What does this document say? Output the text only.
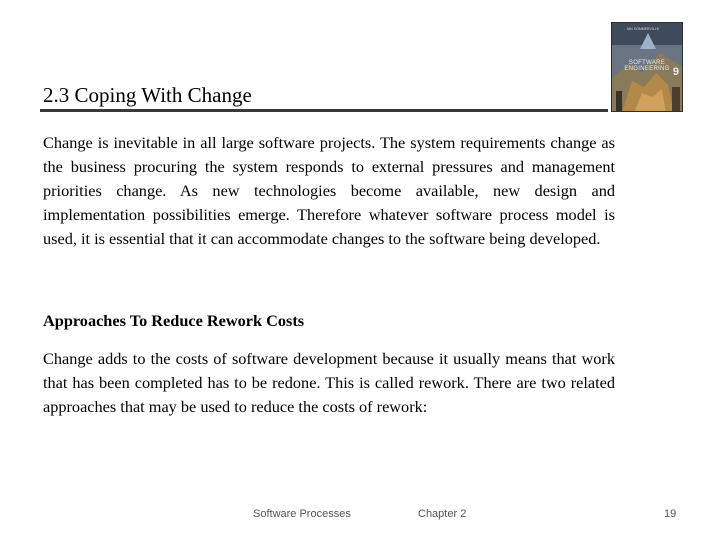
2.3 Coping With Change
IAN SOMMERVILLE
SOFTWARE ENGINEERING 9

Change is inevitable in all large software projects. The system requirements change as the business procuring the system responds to external pressures and management priorities change. As new technologies become available, new design and implementation possibilities emerge. Therefore whatever software process model is used, it is essential that it can accommodate changes to the software being developed.

Approaches To Reduce Rework Costs

Change adds to the costs of software development because it usually means that work that has been completed has to be redone. This is called rework. There are two related approaches that may be used to reduce the costs of rework:

Software Processes	Chapter 2	19
